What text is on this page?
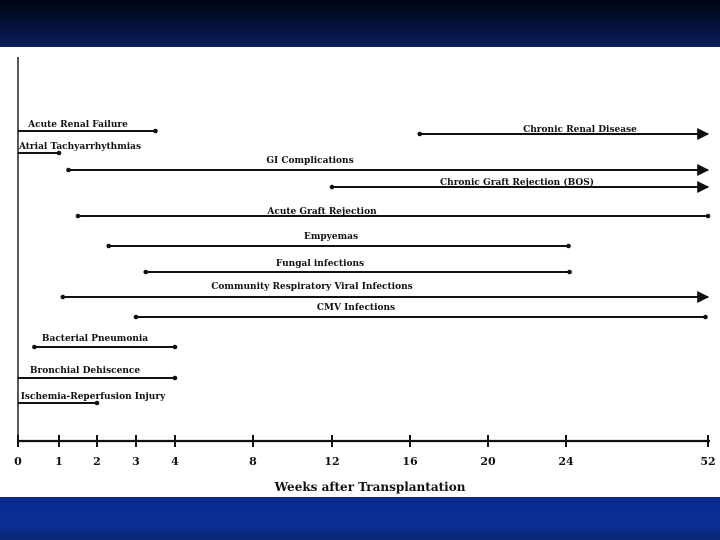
0	1	2	3	4	8	12	16	20	24	52
Weeks after Transplantation
Acute Renal Failure	Chronic Renal Disease
Atrial Tachyarrhythmias
GI Complications
Chronic Graft Rejection (BOS)
Acute Graft Rejection
Empyemas
Fungal infections
Community Respiratory Viral Infections
CMV Infections
Bacterial Pneumonia
Bronchial Dehiscence
Ischemia-Reperfusion Injury
